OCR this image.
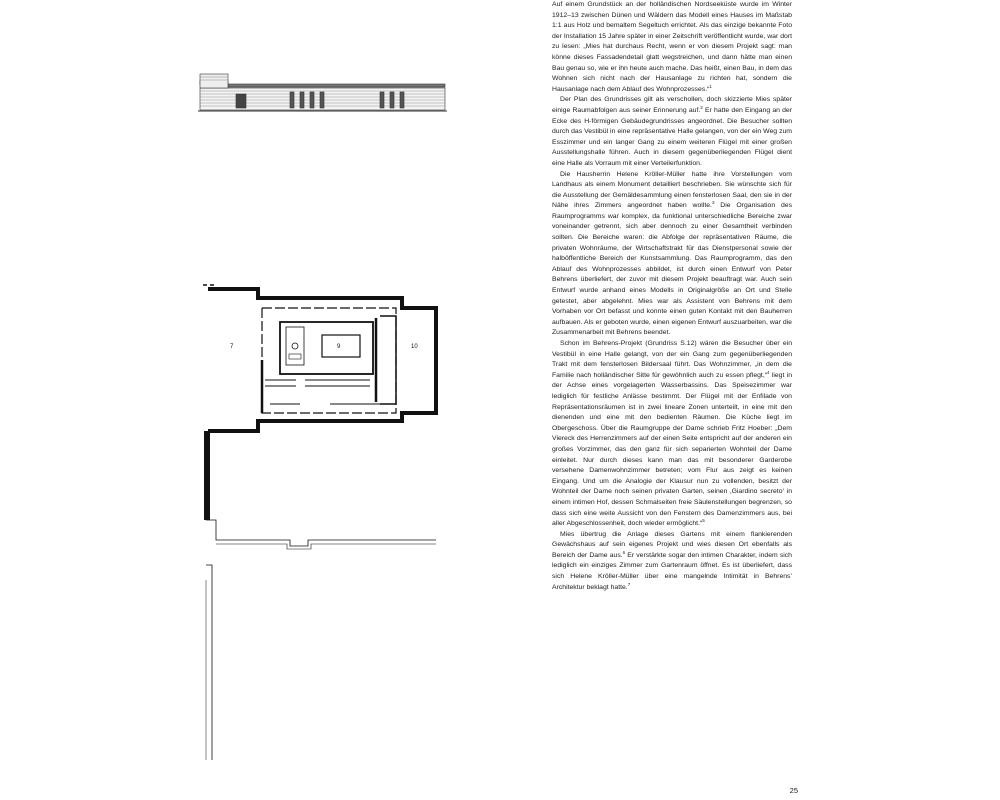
7	9	10

Auf einem Grundstück an der holländischen Nordseeküste wurde im Winter 1912–13 zwischen Dünen und Wäldern das Modell eines Hauses im Maßstab 1:1 aus Holz und bemaltem Segeltuch errichtet. Als das einzige bekannte Foto der Installation 15 Jahre später in einer Zeitschrift veröffentlicht wurde, war dort zu lesen: „Mies hat durchaus Recht, wenn er von diesem Projekt sagt: man könne dieses Fassadendetail glatt wegstreichen, und dann hätte man einen Bau genau so, wie er ihn heute auch mache. Das heißt, einen Bau, in dem das Wohnen sich nicht nach der Hausanlage zu richten hat, sondern die Hausanlage nach dem Ablauf des Wohnprozesses.“$^1$

Der Plan des Grundrisses gilt als verschollen, doch skizzierte Mies später einige Raumabfolgen aus seiner Erinnerung auf.$^2$ Er hatte den Eingang an der Ecke des H-förmigen Gebäudegrundrisses angeordnet. Die Besucher sollten durch das Vestibül in eine repräsentative Halle gelangen, von der ein Weg zum Esszimmer und ein langer Gang zu einem weiteren Flügel mit einer großen Ausstellungshalle führen. Auch in diesem gegenüberliegenden Flügel dient eine Halle als Vorraum mit einer Verteilerfunktion.

Die Hausherrin Helene Kröller-Müller hatte ihre Vorstellungen vom Landhaus als einem Monument detailliert beschrieben. Sie wünschte sich für die Ausstellung der Gemäldesammlung einen fensterlosen Saal, den sie in der Nähe ihres Zimmers angeordnet haben wollte.$^3$ Die Organisation des Raumprogramms war komplex, da funktional unterschiedliche Bereiche zwar voneinander getrennt, sich aber dennoch zu einer Gesamtheit verbinden sollten. Die Bereiche waren: die Abfolge der repräsentativen Räume, die privaten Wohnräume, der Wirtschaftstrakt für das Dienstpersonal sowie der halböffentliche Bereich der Kunstsammlung. Das Raumprogramm, das den Ablauf des Wohnprozesses abbildet, ist durch einen Entwurf von Peter Behrens überliefert, der zuvor mit diesem Projekt beauftragt war. Auch sein Entwurf wurde anhand eines Modells in Originalgröße an Ort und Stelle getestet, aber abgelehnt. Mies war als Assistent von Behrens mit dem Vorhaben vor Ort befasst und konnte einen guten Kontakt mit den Bauherren aufbauen. Als er geboten wurde, einen eigenen Entwurf auszuarbeiten, war die Zusammenarbeit mit Behrens beendet.

Schon im Behrens-Projekt (Grundriss S.12) wären die Besucher über ein Vestibül in eine Halle gelangt, von der ein Gang zum gegenüberliegenden Trakt mit dem fensterlosen Bildersaal führt. Das Wohnzimmer, „in dem die Familie nach holländischer Sitte für gewöhnlich auch zu essen pflegt,“$^4$ liegt in der Achse eines vorgelagerten Wasserbassins. Das Speisezimmer war lediglich für festliche Anlässe bestimmt. Der Flügel mit der Enfilade von Repräsentationsräumen ist in zwei lineare Zonen unterteilt, in eine mit den dienenden und eine mit den bedienten Räumen. Die Küche liegt im Obergeschoss. Über die Raumgruppe der Dame schrieb Fritz Hoeber: „Dem Viereck des Herrenzimmers auf der einen Seite entspricht auf der anderen ein großes Vorzimmer, das den ganz für sich separierten Wohnteil der Dame einleitet. Nur durch dieses kann man das mit besonderer Garderobe versehene Damenwohnzimmer betreten; vom Flur aus zeigt es keinen Eingang. Und um die Analogie der Klausur nun zu vollenden, besitzt der Wohnteil der Dame noch seinen privaten Garten, seinen ‚Giardino secreto‘ in einem intimen Hof, dessen Schmalseiten freie Säulenstellungen begrenzen, so dass sich eine weite Aussicht von den Fenstern des Damenzimmers aus, bei aller Abgeschlossenheit, doch wieder ermöglicht.“$^5$

Mies übertrug die Anlage dieses Gartens mit einem flankierenden Gewächshaus auf sein eigenes Projekt und wies diesen Ort ebenfalls als Bereich der Dame aus.$^6$ Er verstärkte sogar den intimen Charakter, indem sich lediglich ein einziges Zimmer zum Gartenraum öffnet. Es ist überliefert, dass sich Helene Kröller-Müller über eine mangelnde Intimität in Behrens’ Architektur beklagt hatte.$^7$

25
